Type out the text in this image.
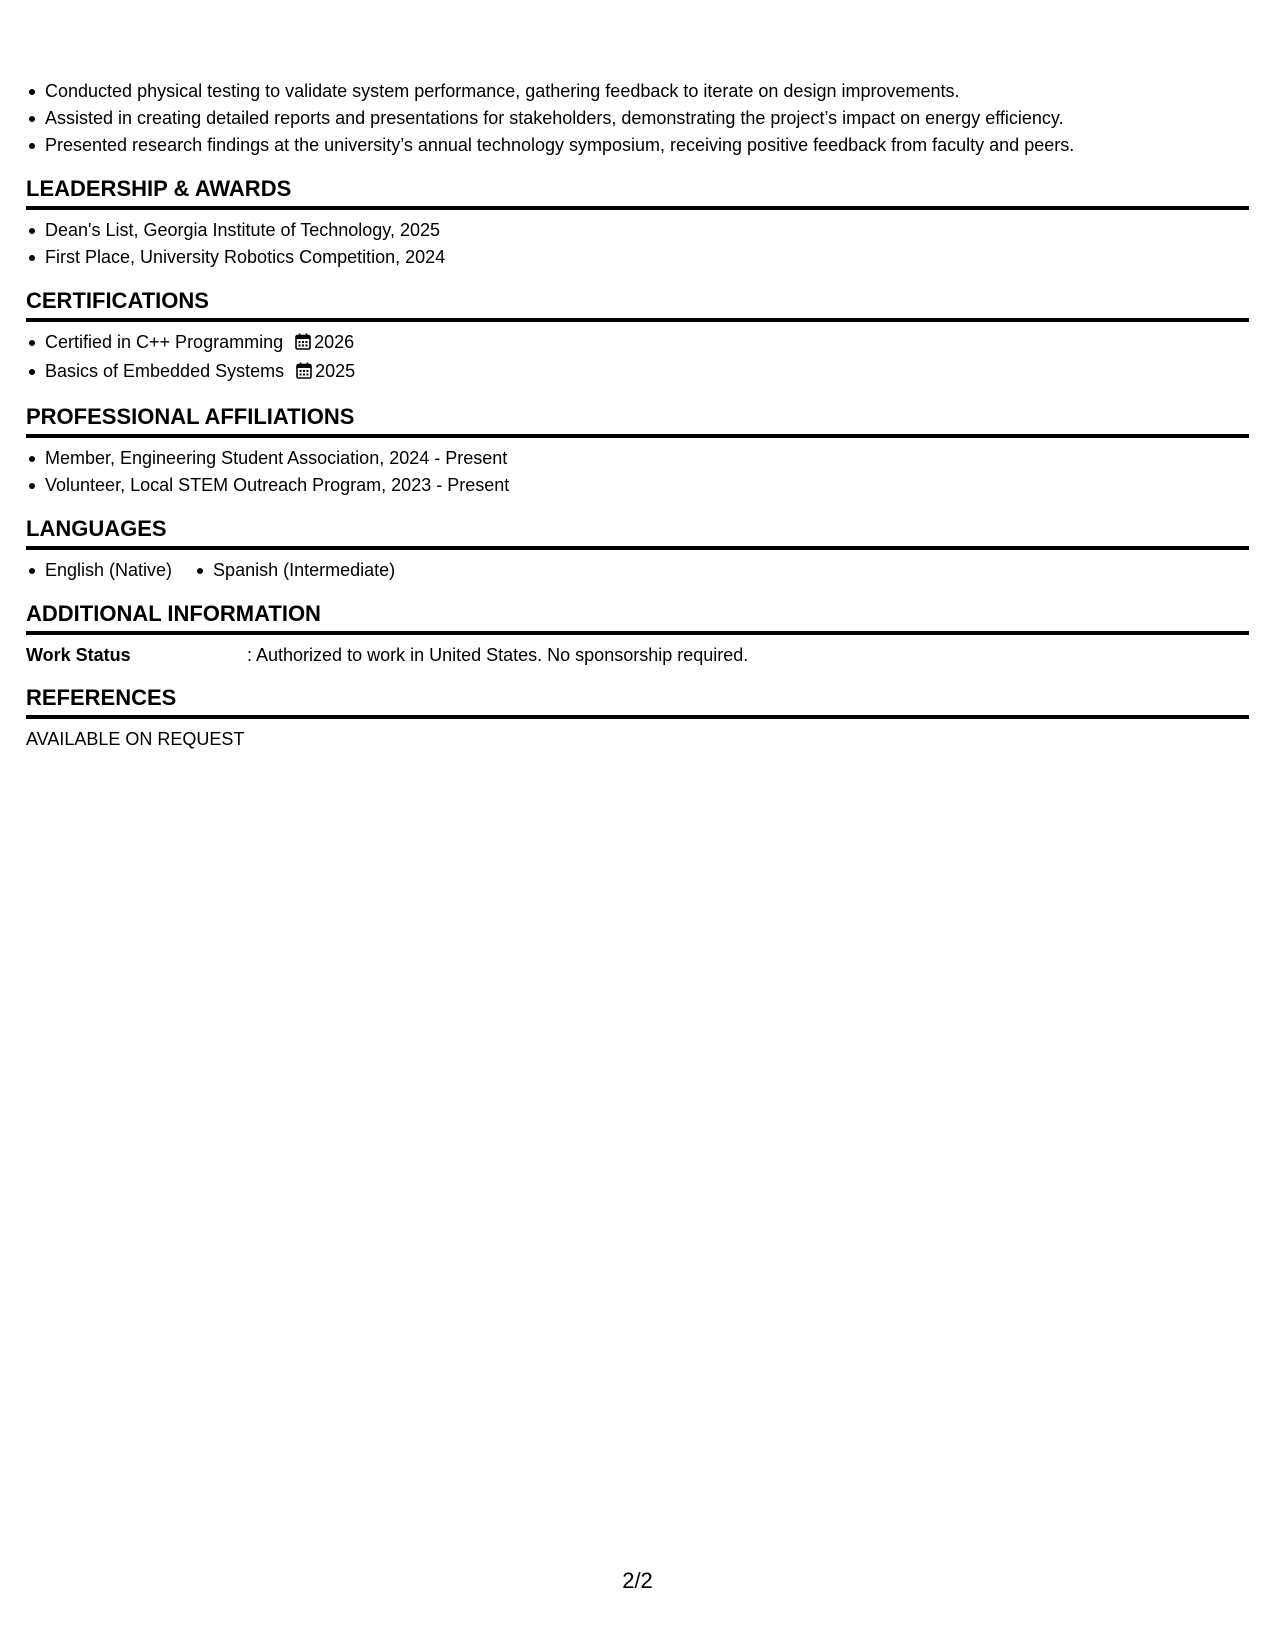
Conducted physical testing to validate system performance, gathering feedback to iterate on design improvements.
Assisted in creating detailed reports and presentations for stakeholders, demonstrating the project’s impact on energy efficiency.
Presented research findings at the university’s annual technology symposium, receiving positive feedback from faculty and peers.
LEADERSHIP & AWARDS
Dean's List, Georgia Institute of Technology, 2025
First Place, University Robotics Competition, 2024
CERTIFICATIONS
Certified in C++ Programming 2026
Basics of Embedded Systems 2025
PROFESSIONAL AFFILIATIONS
Member, Engineering Student Association, 2024 - Present
Volunteer, Local STEM Outreach Program, 2023 - Present
LANGUAGES
English (Native)	Spanish (Intermediate)
ADDITIONAL INFORMATION
Work Status	: Authorized to work in United States. No sponsorship required.
REFERENCES
AVAILABLE ON REQUEST
2/2
